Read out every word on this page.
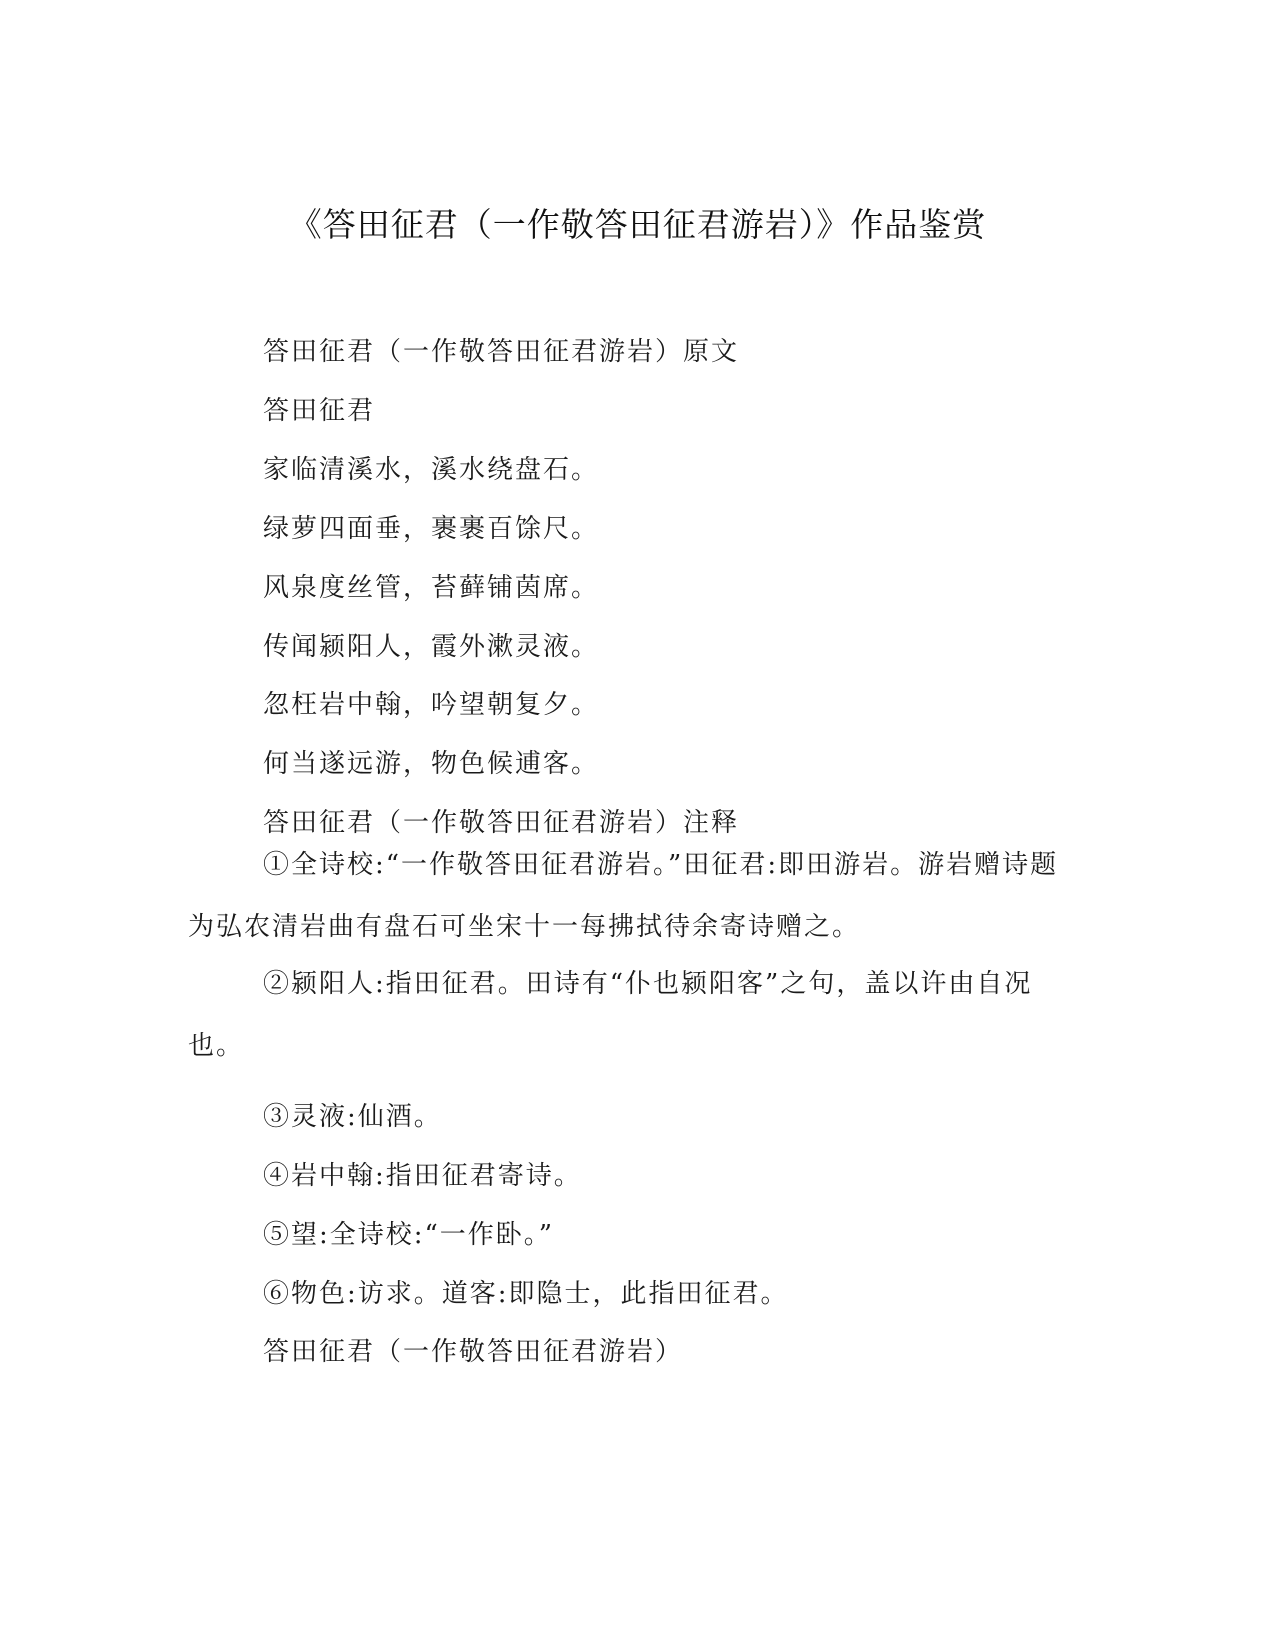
《答田征君（一作敬答田征君游岩）》作品鉴赏
答田征君（一作敬答田征君游岩）原文
答田征君
家临清溪水，溪水绕盘石。
绿萝四面垂，裹裹百馀尺。
风泉度丝管，苔藓铺茵席。
传闻颍阳人，霞外漱灵液。
忽枉岩中翰，吟望朝复夕。
何当遂远游，物色候逋客。
答田征君（一作敬答田征君游岩）注释
①全诗校:“一作敬答田征君游岩。”田征君:即田游岩。游岩赠诗题为弘农清岩曲有盘石可坐宋十一每拂拭待余寄诗赠之。
②颍阳人:指田征君。田诗有“仆也颍阳客”之句，盖以许由自况也。
③灵液:仙酒。
④岩中翰:指田征君寄诗。
⑤望:全诗校:“一作卧。”
⑥物色:访求。道客:即隐士，此指田征君。
答田征君（一作敬答田征君游岩）
